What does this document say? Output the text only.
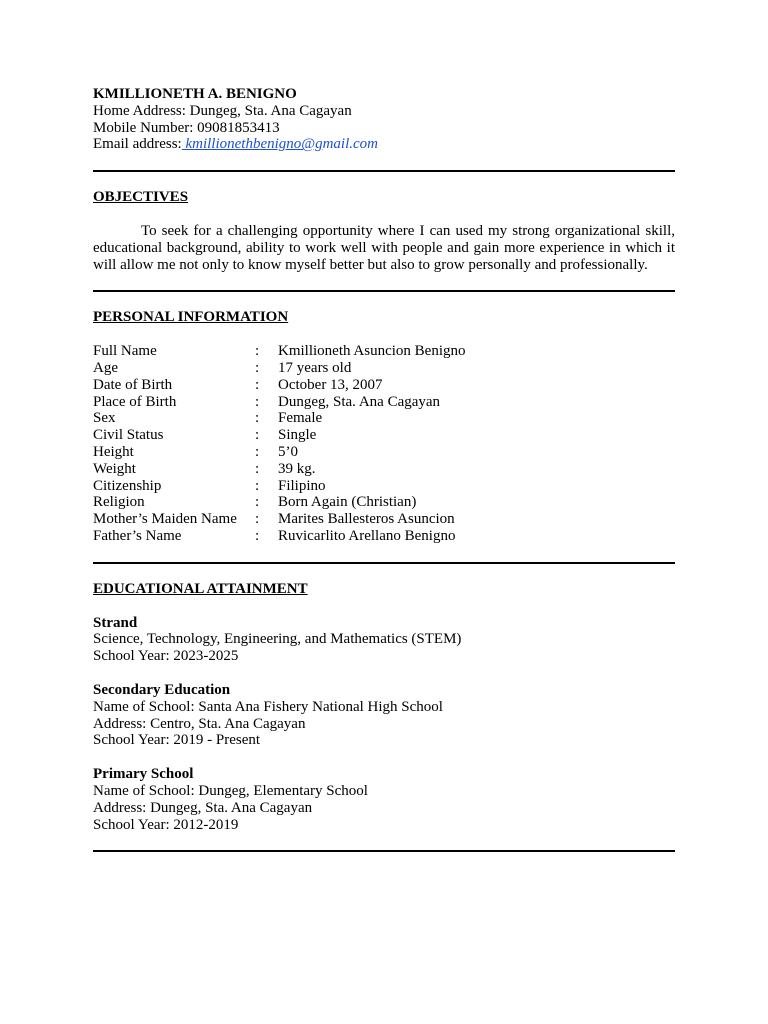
KMILLIONETH A. BENIGNO

Home Address: Dungeg, Sta. Ana Cagayan

Mobile Number: 09081853413

Email address: kmillionethbenigno@gmail.com

OBJECTIVES

To seek for a challenging opportunity where I can used my strong organizational skill, educational background, ability to work well with people and gain more experience in which it will allow me not only to know myself better but also to grow personally and professionally.

PERSONAL INFORMATION

Full Name	:	Kmillioneth Asuncion Benigno
Age	:	17 years old
Date of Birth	:	October 13, 2007
Place of Birth	:	Dungeg, Sta. Ana Cagayan
Sex	:	Female
Civil Status	:	Single
Height	:	5’0
Weight	:	39 kg.
Citizenship	:	Filipino
Religion	:	Born Again (Christian)
Mother’s Maiden Name	:	Marites Ballesteros Asuncion
Father’s Name	:	Ruvicarlito Arellano Benigno

EDUCATIONAL ATTAINMENT

Strand

Science, Technology, Engineering, and Mathematics (STEM)

School Year: 2023-2025

Secondary Education

Name of School: Santa Ana Fishery National High School

Address: Centro, Sta. Ana Cagayan

School Year: 2019 - Present

Primary School

Name of School: Dungeg, Elementary School

Address: Dungeg, Sta. Ana Cagayan

School Year: 2012-2019
